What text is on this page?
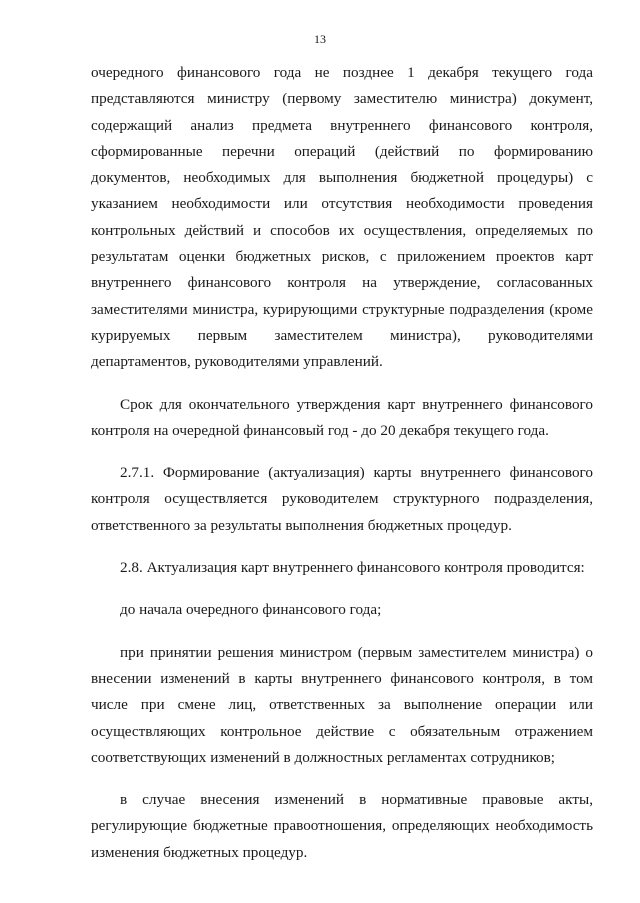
13

очередного финансового года не позднее 1 декабря текущего года представляются министру (первому заместителю министра) документ, содержащий анализ предмета внутреннего финансового контроля, сформированные перечни операций (действий по формированию документов, необходимых для выполнения бюджетной процедуры) с указанием необходимости или отсутствия необходимости проведения контрольных действий и способов их осуществления, определяемых по результатам оценки бюджетных рисков, с приложением проектов карт внутреннего финансового контроля на утверждение, согласованных заместителями министра, курирующими структурные подразделения (кроме курируемых первым заместителем министра), руководителями департаментов, руководителями управлений.

Срок для окончательного утверждения карт внутреннего финансового контроля на очередной финансовый год - до 20 декабря текущего года.

2.7.1. Формирование (актуализация) карты внутреннего финансового контроля осуществляется руководителем структурного подразделения, ответственного за результаты выполнения бюджетных процедур.

2.8. Актуализация карт внутреннего финансового контроля проводится:

до начала очередного финансового года;

при принятии решения министром (первым заместителем министра) о внесении изменений в карты внутреннего финансового контроля, в том числе при смене лиц, ответственных за выполнение операции или осуществляющих контрольное действие с обязательным отражением соответствующих изменений в должностных регламентах сотрудников;

в случае внесения изменений в нормативные правовые акты, регулирующие бюджетные правоотношения, определяющих необходимость изменения бюджетных процедур.
